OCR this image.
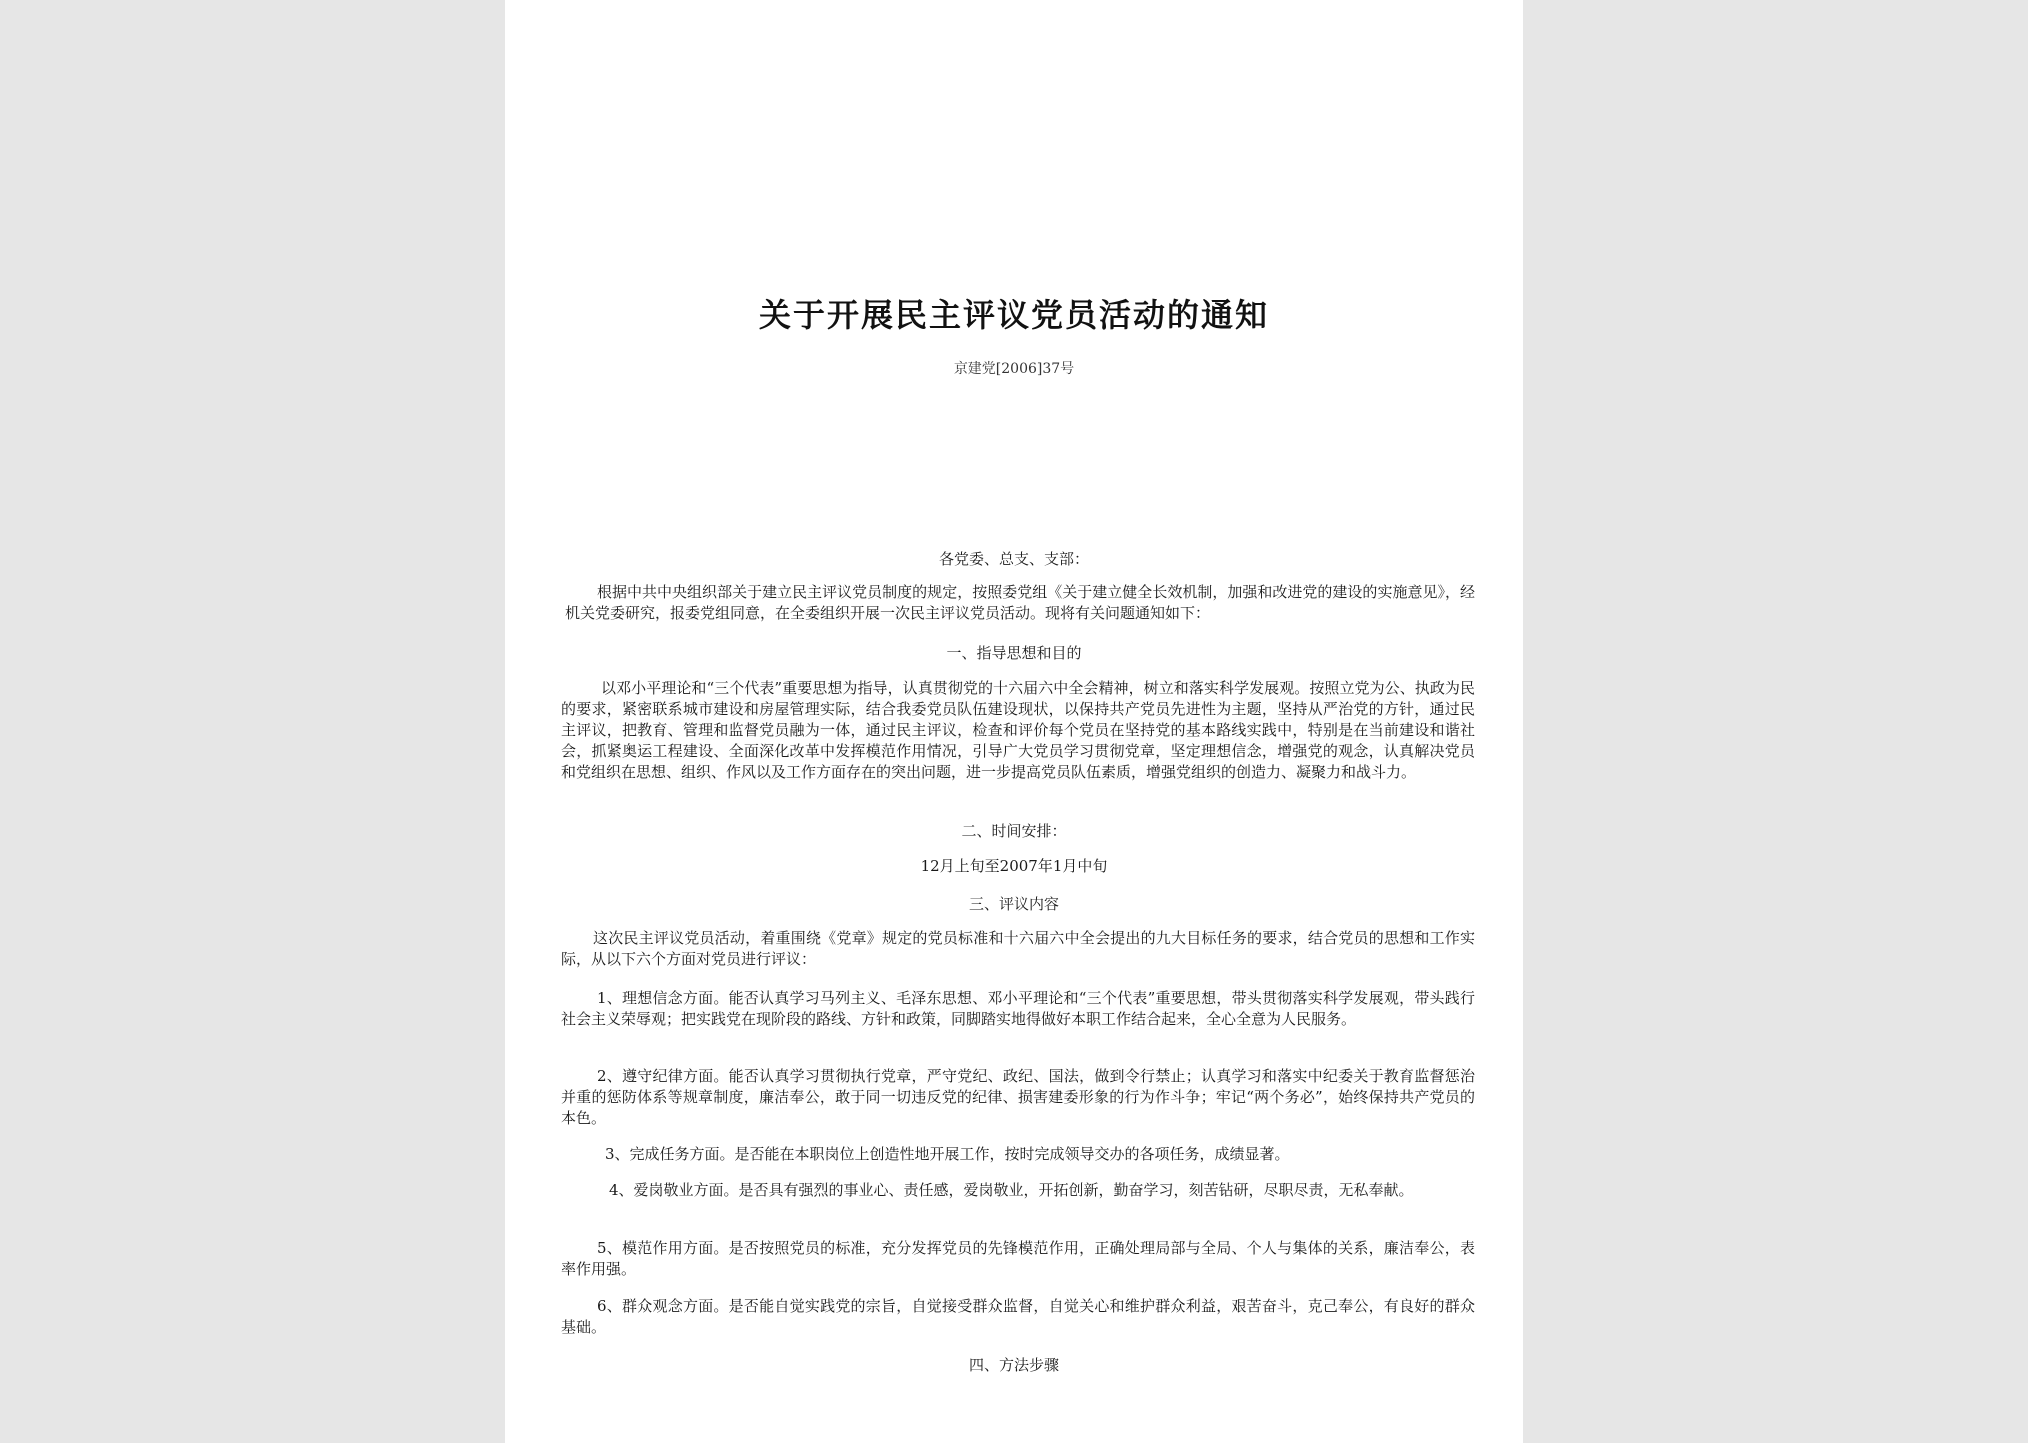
关于开展民主评议党员活动的通知
京建党[2006]37号
各党委、总支、支部：
根据中共中央组织部关于建立民主评议党员制度的规定，按照委党组《关于建立健全长效机制，加强和改进党的建设的实施意见》，经机关党委研究，报委党组同意，在全委组织开展一次民主评议党员活动。现将有关问题通知如下：
一、指导思想和目的
以邓小平理论和“三个代表”重要思想为指导，认真贯彻党的十六届六中全会精神，树立和落实科学发展观。按照立党为公、执政为民的要求，紧密联系城市建设和房屋管理实际，结合我委党员队伍建设现状，以保持共产党员先进性为主题，坚持从严治党的方针，通过民主评议，把教育、管理和监督党员融为一体，通过民主评议，检查和评价每个党员在坚持党的基本路线实践中，特别是在当前建设和谐社会，抓紧奥运工程建设、全面深化改革中发挥模范作用情况，引导广大党员学习贯彻党章，坚定理想信念，增强党的观念，认真解决党员和党组织在思想、组织、作风以及工作方面存在的突出问题，进一步提高党员队伍素质，增强党组织的创造力、凝聚力和战斗力。
二、时间安排：
12月上旬至2007年1月中旬
三、评议内容
这次民主评议党员活动，着重围绕《党章》规定的党员标准和十六届六中全会提出的九大目标任务的要求，结合党员的思想和工作实际，从以下六个方面对党员进行评议：
1、理想信念方面。能否认真学习马列主义、毛泽东思想、邓小平理论和“三个代表”重要思想，带头贯彻落实科学发展观，带头践行社会主义荣辱观；把实践党在现阶段的路线、方针和政策，同脚踏实地得做好本职工作结合起来，全心全意为人民服务。
2、遵守纪律方面。能否认真学习贯彻执行党章，严守党纪、政纪、国法，做到令行禁止；认真学习和落实中纪委关于教育监督惩治并重的惩防体系等规章制度，廉洁奉公，敢于同一切违反党的纪律、损害建委形象的行为作斗争；牢记“两个务必”，始终保持共产党员的本色。
3、完成任务方面。是否能在本职岗位上创造性地开展工作，按时完成领导交办的各项任务，成绩显著。
4、爱岗敬业方面。是否具有强烈的事业心、责任感，爱岗敬业，开拓创新，勤奋学习，刻苦钻研，尽职尽责，无私奉献。
5、模范作用方面。是否按照党员的标准，充分发挥党员的先锋模范作用，正确处理局部与全局、个人与集体的关系，廉洁奉公，表率作用强。
6、群众观念方面。是否能自觉实践党的宗旨，自觉接受群众监督，自觉关心和维护群众利益，艰苦奋斗，克己奉公，有良好的群众基础。
四、方法步骤
